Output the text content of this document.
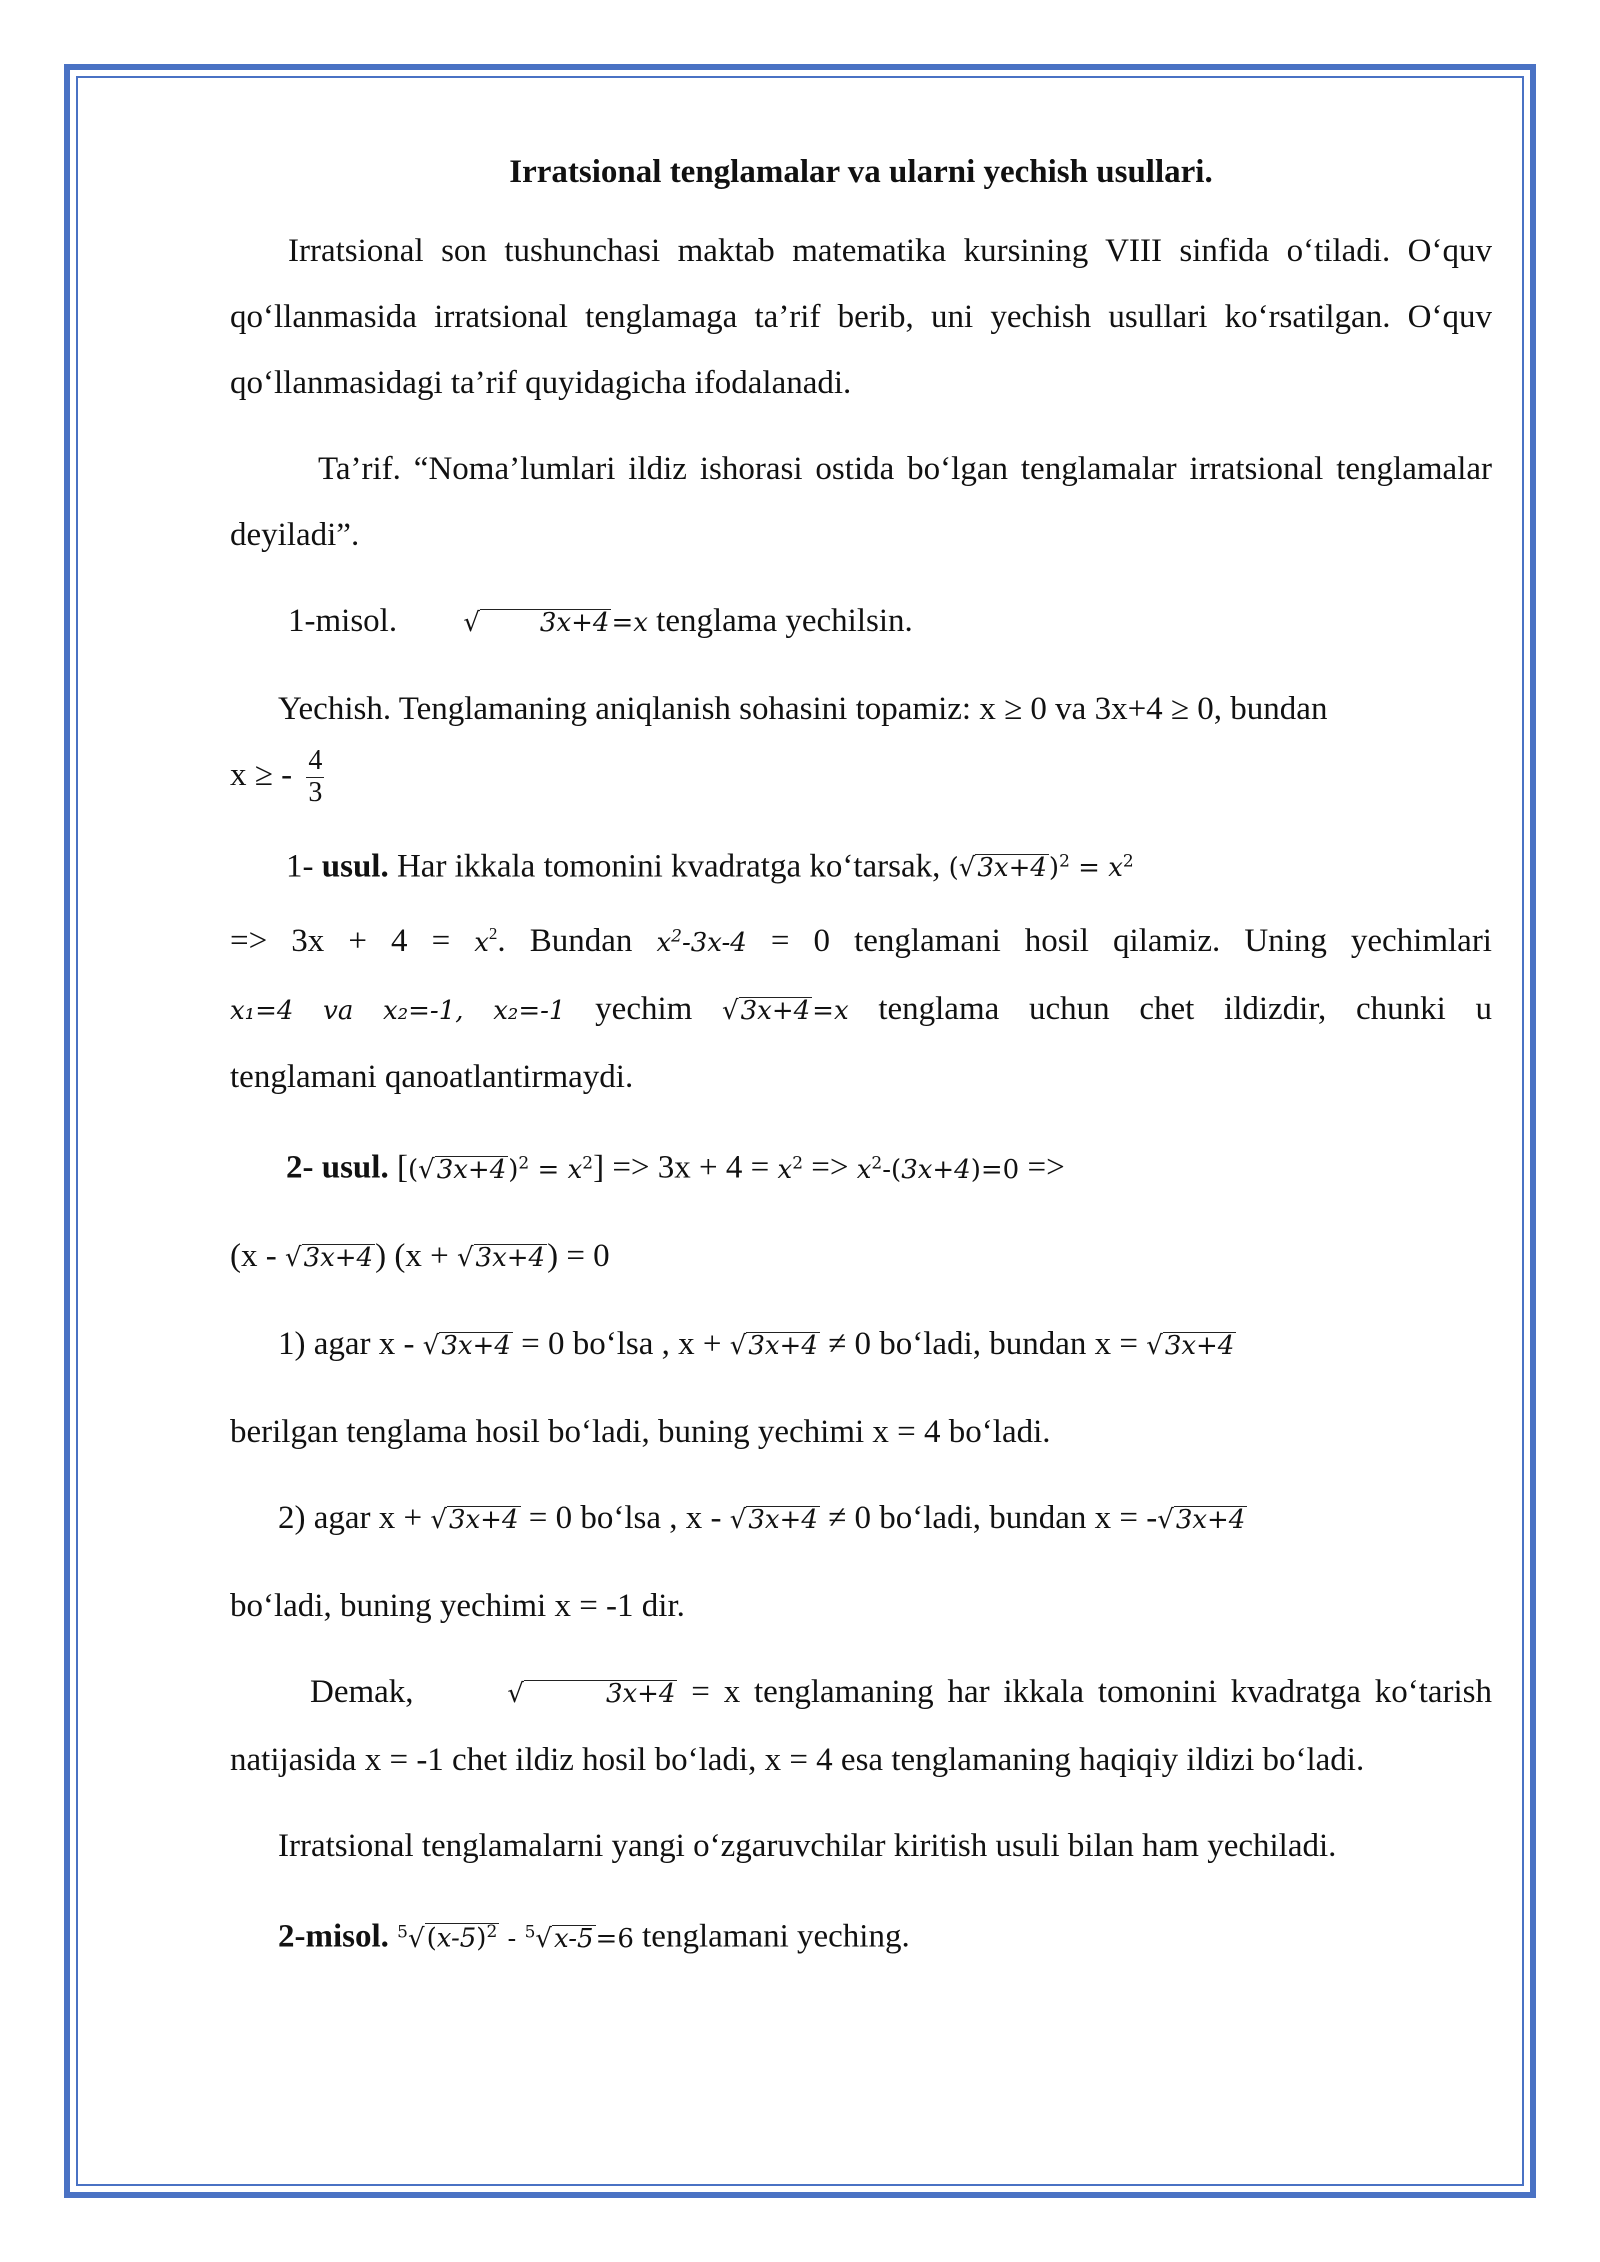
Irratsional tenglamalar va ularni yechish usullari.

Irratsional son tushunchasi maktab matematika kursining VIII sinfida o‘tiladi. O‘quv qo‘llanmasida irratsional tenglamaga ta’rif berib, uni yechish usullari ko‘rsatilgan. O‘quv qo‘llanmasidagi ta’rif quyidagicha ifodalanadi.

Ta’rif. “Noma’lumlari ildiz ishorasi ostida bo‘lgan tenglamalar irratsional tenglamalar deyiladi”.

1-misol.	√ 3x+4=x tenglama yechilsin.

Yechish. Tenglamaning aniqlanish sohasini topamiz: x ≥ 0 va 3x+4 ≥ 0, bundan

x ≥ - $\frac{4}{3}$

1- usul. Har ikkala tomonini kvadratga ko‘tarsak, $(√3x+4)^2 = x^2$

=> $3x + 4 = x^2$. Bundan $x^2-3x-4 = 0$ tenglamani hosil qilamiz. Uning yechimlari

x₁=4 va x₂=-1, x₂=-1 yechim √3x+4=x tenglama uchun chet ildizdir, chunki u

tenglamani qanoatlantirmaydi.

2- usul. $[(√3x+4)^2 = x^2] => 3x + 4 = x^2 => x^2-(3x+4)=0$ =>

(x - √3x+4) (x + √3x+4) = 0

1) agar x - √3x+4 = 0 bo‘lsa , x + √3x+4 ≠ 0 bo‘ladi, bundan x = √3x+4

berilgan tenglama hosil bo‘ladi, buning yechimi x = 4 bo‘ladi.

2) agar x + √3x+4 = 0 bo‘lsa , x - √3x+4 ≠ 0 bo‘ladi, bundan x = -√3x+4

bo‘ladi, buning yechimi x = -1 dir.

Demak,	√	3x+4 = x tenglamaning har ikkala tomonini kvadratga ko‘tarish natijasida x = -1 chet ildiz hosil bo‘ladi, x = 4 esa tenglamaning haqiqiy ildizi bo‘ladi.

Irratsional tenglamalarni yangi o‘zgaruvchilar kiritish usuli bilan ham yechiladi.

2-misol. $^5√(x-5)^2 - ^5√x-5=6$ tenglamani yeching.
